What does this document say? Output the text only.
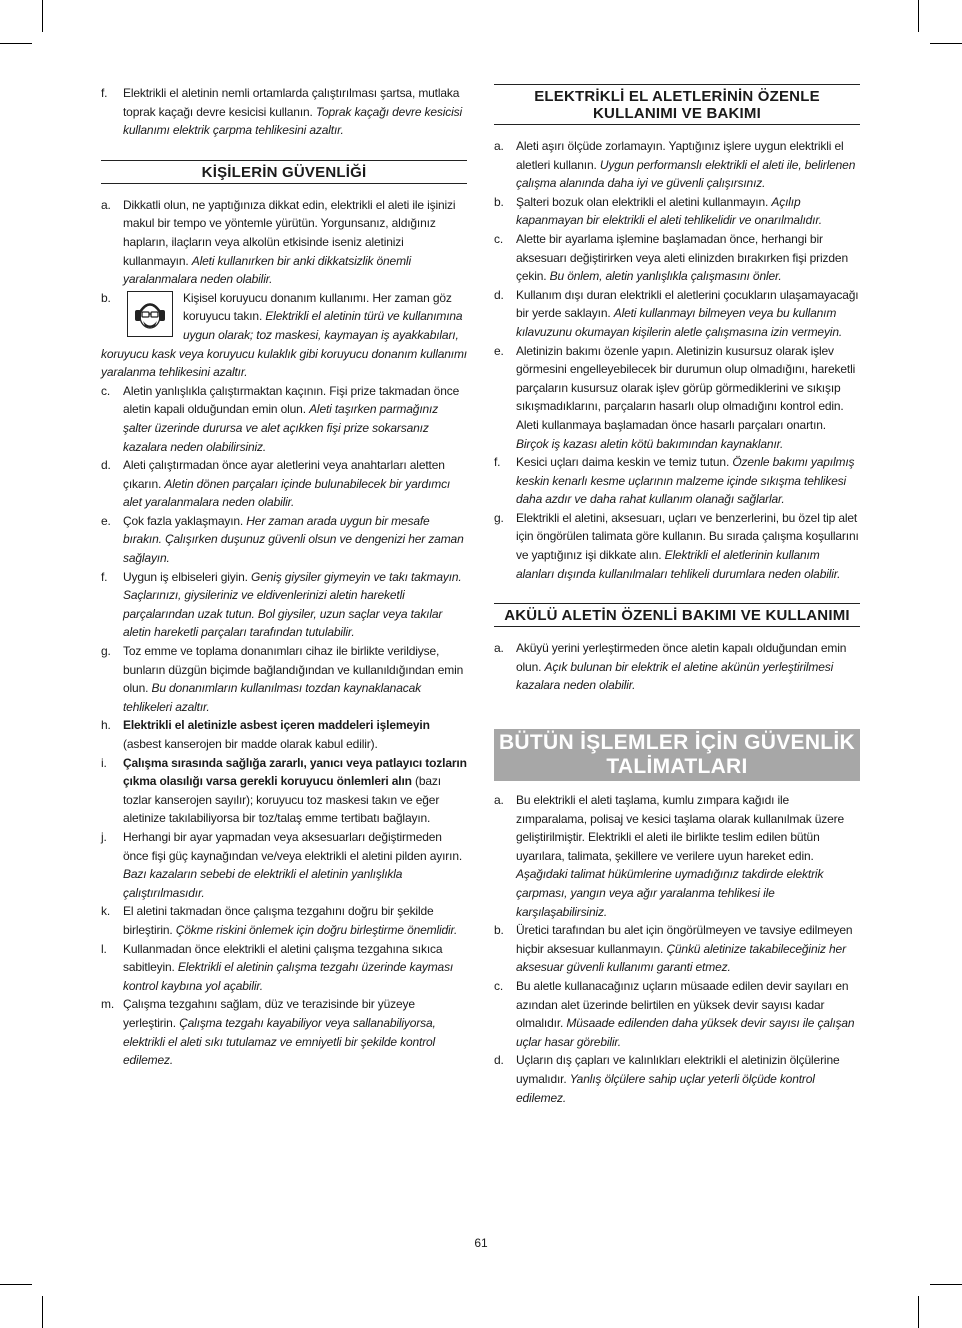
f.	Elektrikli el aletinin nemli ortamlarda çalıştırılması şartsa, mutlaka toprak kaçağı devre kesicisi kullanın. Toprak kaçağı devre kesicisi kullanımı elektrik çarpma tehlikesini azaltır.
KİŞİLERİN GÜVENLİĞİ
a.	Dikkatli olun, ne yaptığınıza dikkat edin, elektrikli el aleti ile işinizi makul bir tempo ve yöntemle yürütün. Yorgunsanız, aldığınız hapların, ilaçların veya alkolün etkisinde iseniz aletinizi kullanmayın. Aleti kullanırken bir anki dikkatsizlik önemli yaralanmalara neden olabilir.
b.	Kişisel koruyucu donanım kullanımı. Her zaman göz koruyucu takın. Elektrikli el aletinin türü ve kullanımına uygun olarak; toz maskesi, kaymayan iş ayakkabıları, koruyucu kask veya koruyucu kulaklık gibi koruyucu donanım kullanımı yaralanma tehlikesini azaltır.
c.	Aletin yanlışlıkla çalıştırmaktan kaçının. Fişi prize takmadan önce aletin kapali olduğundan emin olun. Aleti taşırken parmağınız şalter üzerinde durursa ve alet açıkken fişi prize sokarsanız kazalara neden olabilirsiniz.
d.	Aleti çalıştırmadan önce ayar aletlerini veya anahtarları aletten çıkarın. Aletin dönen parçaları içinde bulunabilecek bir yardımcı alet yaralanmalara neden olabilir.
e.	Çok fazla yaklaşmayın. Her zaman arada uygun bir mesafe bırakın. Çalışırken duşunuz güvenli olsun ve dengenizi her zaman sağlayın.
f.	Uygun iş elbiseleri giyin. Geniş giysiler giymeyin ve takı takmayın. Saçlarınızı, giysileriniz ve eldivenlerinizi aletin hareketli parçalarından uzak tutun. Bol giysiler, uzun saçlar veya takılar aletin hareketli parçaları tarafından tutulabilir.
g.	Toz emme ve toplama donanımları cihaz ile birlikte verildiyse, bunların düzgün biçimde bağlandığından ve kullanıldığından emin olun. Bu donanımların kullanılması tozdan kaynaklanacak tehlikeleri azaltır.
h.	Elektrikli el aletinizle asbest içeren maddeleri işlemeyin (asbest kanserojen bir madde olarak kabul edilir).
i.	Çalışma sırasında sağlığa zararlı, yanıcı veya patlayıcı tozların çıkma olasılığı varsa gerekli koruyucu önlemleri alın (bazı tozlar kanserojen sayılır); koruyucu toz maskesi takın ve eğer aletinize takılabiliyorsa bir toz/talaş emme tertibatı bağlayın.
j.	Herhangi bir ayar yapmadan veya aksesuarları değiştirmeden önce fişi güç kaynağından ve/veya elektrikli el aletini pilden ayırın. Bazı kazaların sebebi de elektrikli el aletinin yanlışlıkla çalıştırılmasıdır.
k.	El aletini takmadan önce çalışma tezgahını doğru bir şekilde birleştirin. Çökme riskini önlemek için doğru birleştirme önemlidir.
l.	Kullanmadan önce elektrikli el aletini çalışma tezgahına sıkıca sabitleyin. Elektrikli el aletinin çalışma tezgahı üzerinde kayması kontrol kaybına yol açabilir.
m. Çalışma tezgahını sağlam, düz ve terazisinde bir yüzeye yerleştirin. Çalışma tezgahı kayabiliyor veya sallanabiliyorsa, elektrikli el aleti sıkı tutulamaz ve emniyetli bir şekilde kontrol edilemez.
ELEKTRİKLİ EL ALETLERİNİN ÖZENLE KULLANIMI VE BAKIMI
a.	Aleti aşırı ölçüde zorlamayın. Yaptığınız işlere uygun elektrikli el aletleri kullanın. Uygun performanslı elektrikli el aleti ile, belirlenen çalışma alanında daha iyi ve güvenli çalışırsınız.
b.	Şalteri bozuk olan elektrikli el aletini kullanmayın. Açılıp kapanmayan bir elektrikli el aleti tehlikelidir ve onarılmalıdır.
c.	Alette bir ayarlama işlemine başlamadan önce, herhangi bir aksesuarı değiştirirken veya aleti elinizden bırakırken fişi prizden çekin. Bu önlem, aletin yanlışlıkla çalışmasını önler.
d.	Kullanım dışı duran elektrikli el aletlerini çocukların ulaşamayacağı bir yerde saklayın. Aleti kullanmayı bilmeyen veya bu kullanım kılavuzunu okumayan kişilerin aletle çalışmasına izin vermeyin.
e.	Aletinizin bakımı özenle yapın. Aletinizin kusursuz olarak işlev görmesini engelleyebilecek bir durumun olup olmadığını, hareketli parçaların kusursuz olarak işlev görüp görmediklerini ve sıkışıp sıkışmadıklarını, parçaların hasarlı olup olmadığını kontrol edin. Aleti kullanmaya başlamadan önce hasarlı parçaları onartın. Birçok iş kazası aletin kötü bakımından kaynaklanır.
f.	Kesici uçları daima keskin ve temiz tutun. Özenle bakımı yapılmış keskin kenarlı kesme uçlarının malzeme içinde sıkışma tehlikesi daha azdır ve daha rahat kullanım olanağı sağlarlar.
g.	Elektrikli el aletini, aksesuarı, uçları ve benzerlerini, bu özel tip alet için öngörülen talimata göre kullanın. Bu sırada çalışma koşullarını ve yaptığınız işi dikkate alın. Elektrikli el aletlerinin kullanım alanları dışında kullanılmaları tehlikeli durumlara neden olabilir.
AKÜLÜ ALETİN ÖZENLİ BAKIMI VE KULLANIMI
a.	Aküyü yerini yerleştirmeden önce aletin kapalı olduğundan emin olun. Açık bulunan bir elektrik el aletine akünün yerleştirilmesi kazalara neden olabilir.
BÜTÜN İŞLEMLER İÇİN GÜVENLİK
TALİMATLARI
a.	Bu elektrikli el aleti taşlama, kumlu zımpara kağıdı ile zımparalama, polisaj ve kesici taşlama olarak kullanılmak üzere geliştirilmiştir. Elektrikli el aleti ile birlikte teslim edilen bütün uyarılara, talimata, şekillere ve verilere uyun hareket edin. Aşağıdaki talimat hükümlerine uymadığınız takdirde elektrik çarpması, yangın veya ağır yaralanma tehlikesi ile karşılaşabilirsiniz.
b.	Üretici tarafından bu alet için öngörülmeyen ve tavsiye edilmeyen hiçbir aksesuar kullanmayın. Çünkü aletinize takabileceğiniz her aksesuar güvenli kullanımı garanti etmez.
c.	Bu aletle kullanacağınız uçların müsaade edilen devir sayıları en azından alet üzerinde belirtilen en yüksek devir sayısı kadar olmalıdır. Müsaade edilenden daha yüksek devir sayısı ile çalışan uçlar hasar görebilir.
d.	Uçların dış çapları ve kalınlıkları elektrikli el aletinizin ölçülerine uymalıdır. Yanlış ölçülere sahip uçlar yeterli ölçüde kontrol edilemez.
61
